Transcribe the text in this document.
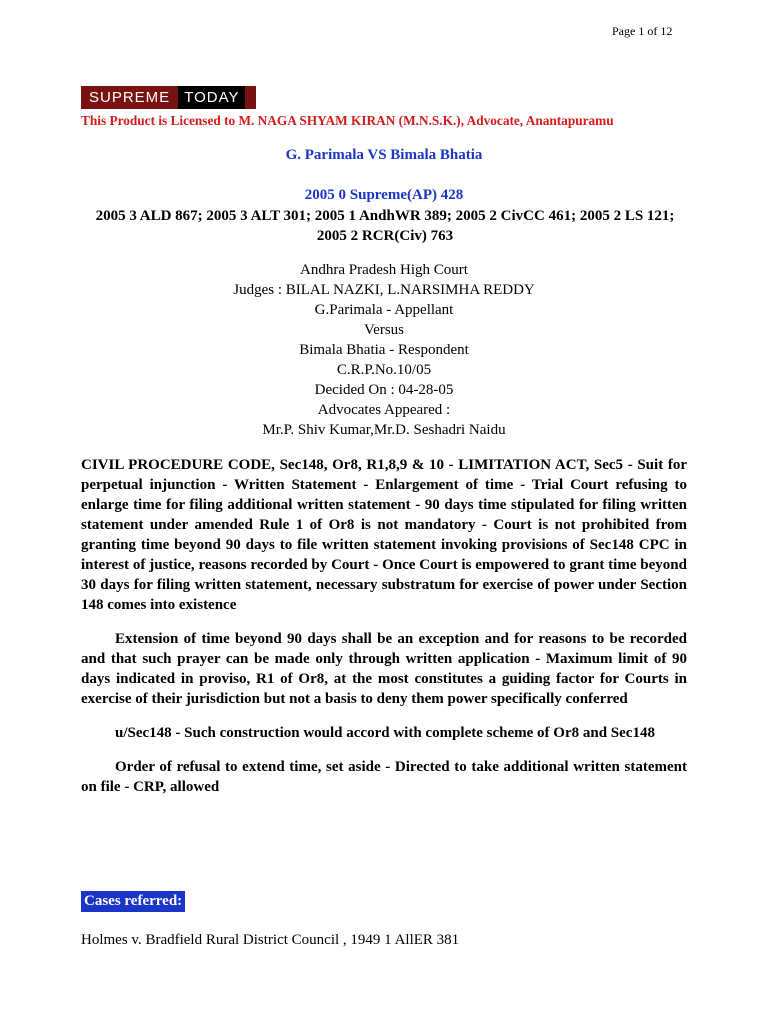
Page 1 of 12
SUPREME TODAY
This Product is Licensed to M. NAGA SHYAM KIRAN (M.N.S.K.), Advocate, Anantapuramu
G. Parimala VS Bimala Bhatia
2005 0 Supreme(AP) 428
2005 3 ALD 867; 2005 3 ALT 301; 2005 1 AndhWR 389; 2005 2 CivCC 461; 2005 2 LS 121; 2005 2 RCR(Civ) 763
Andhra Pradesh High Court
Judges : BILAL NAZKI, L.NARSIMHA REDDY
G.Parimala - Appellant
Versus
Bimala Bhatia - Respondent
C.R.P.No.10/05
Decided On : 04-28-05
Advocates Appeared :
Mr.P. Shiv Kumar,Mr.D. Seshadri Naidu

CIVIL PROCEDURE CODE, Sec148, Or8, R1,8,9 & 10 - LIMITATION ACT, Sec5 - Suit for perpetual injunction - Written Statement - Enlargement of time - Trial Court refusing to enlarge time for filing additional written statement - 90 days time stipulated for filing written statement under amended Rule 1 of Or8 is not mandatory - Court is not prohibited from granting time beyond 90 days to file written statement invoking provisions of Sec148 CPC in interest of justice, reasons recorded by Court - Once Court is empowered to grant time beyond 30 days for filing written statement, necessary substratum for exercise of power under Section 148 comes into existence

Extension of time beyond 90 days shall be an exception and for reasons to be recorded and that such prayer can be made only through written application - Maximum limit of 90 days indicated in proviso, R1 of Or8, at the most constitutes a guiding factor for Courts in exercise of their jurisdiction but not a basis to deny them power specifically conferred

u/Sec148 - Such construction would accord with complete scheme of Or8 and Sec148

Order of refusal to extend time, set aside - Directed to take additional written statement on file - CRP, allowed

Cases referred:
Holmes v. Bradfield Rural District Council , 1949 1 AllER 381
